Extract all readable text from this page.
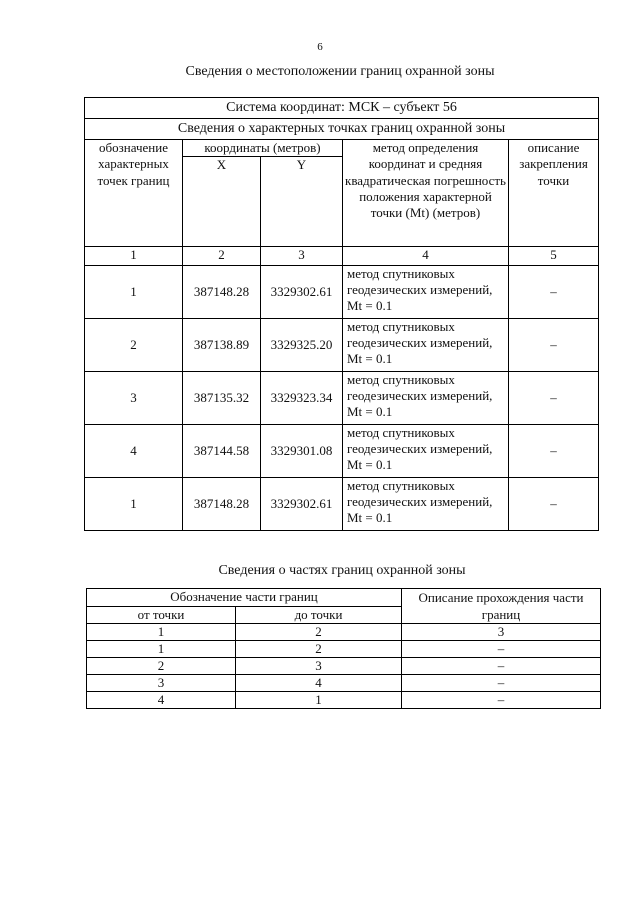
6
Сведения о местоположении границ охранной зоны
Система координат: МСК – субъект 56				
Сведения о характерных точках границ охранной зоны				
обозначение характерных точек границ	координаты (метров)		метод определения координат и средняя квадратическая погрешность положения характерной точки (Mt) (метров)	описание закрепления точки
	X	Y		
1	2	3	4	5
1	387148.28	3329302.61	метод спутниковых геодезических измерений, Mt = 0.1	–
2	387138.89	3329325.20	метод спутниковых геодезических измерений, Mt = 0.1	–
3	387135.32	3329323.34	метод спутниковых геодезических измерений, Mt = 0.1	–
4	387144.58	3329301.08	метод спутниковых геодезических измерений, Mt = 0.1	–
1	387148.28	3329302.61	метод спутниковых геодезических измерений, Mt = 0.1	–
Сведения о частях границ охранной зоны
Обозначение части границ		Описание прохождения части границ
от точки	до точки	
1	2	3
1	2	–
2	3	–
3	4	–
4	1	–
